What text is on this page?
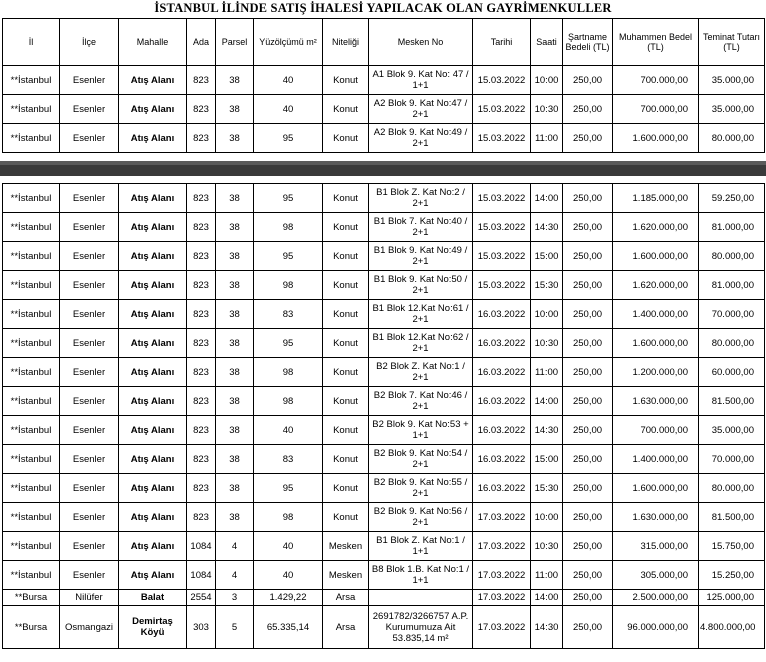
İSTANBUL İLİNDE SATIŞ İHALESİ YAPILACAK OLAN GAYRİMENKULLER
İl	İlçe	Mahalle	Ada	Parsel	Yüzölçümü m²	Niteliği	Mesken No	Tarihi	Saati	Şartname Bedeli (TL)	Muhammen Bedel (TL)	Teminat Tutarı (TL)
**İstanbul	Esenler	Atış Alanı	823	38	40	Konut	A1 Blok 9. Kat No: 47 / 1+1	15.03.2022	10:00	250,00	700.000,00	35.000,00
**İstanbul	Esenler	Atış Alanı	823	38	40	Konut	A2 Blok 9. Kat No:47 / 2+1	15.03.2022	10:30	250,00	700.000,00	35.000,00
**İstanbul	Esenler	Atış Alanı	823	38	95	Konut	A2 Blok 9. Kat No:49 / 2+1	15.03.2022	11:00	250,00	1.600.000,00	80.000,00
**İstanbul	Esenler	Atış Alanı	823	38	95	Konut	B1 Blok Z. Kat No:2 / 2+1	15.03.2022	14:00	250,00	1.185.000,00	59.250,00
**İstanbul	Esenler	Atış Alanı	823	38	98	Konut	B1 Blok 7. Kat No:40 / 2+1	15.03.2022	14:30	250,00	1.620.000,00	81.000,00
**İstanbul	Esenler	Atış Alanı	823	38	95	Konut	B1 Blok 9. Kat No:49 / 2+1	15.03.2022	15:00	250,00	1.600.000,00	80.000,00
**İstanbul	Esenler	Atış Alanı	823	38	98	Konut	B1 Blok 9. Kat No:50 / 2+1	15.03.2022	15:30	250,00	1.620.000,00	81.000,00
**İstanbul	Esenler	Atış Alanı	823	38	83	Konut	B1 Blok 12.Kat No:61 / 2+1	16.03.2022	10:00	250,00	1.400.000,00	70.000,00
**İstanbul	Esenler	Atış Alanı	823	38	95	Konut	B1 Blok 12.Kat No:62 / 2+1	16.03.2022	10:30	250,00	1.600.000,00	80.000,00
**İstanbul	Esenler	Atış Alanı	823	38	98	Konut	B2 Blok Z. Kat No:1 / 2+1	16.03.2022	11:00	250,00	1.200.000,00	60.000,00
**İstanbul	Esenler	Atış Alanı	823	38	98	Konut	B2 Blok 7. Kat No:46 / 2+1	16.03.2022	14:00	250,00	1.630.000,00	81.500,00
**İstanbul	Esenler	Atış Alanı	823	38	40	Konut	B2 Blok 9. Kat No:53 + 1+1	16.03.2022	14:30	250,00	700.000,00	35.000,00
**İstanbul	Esenler	Atış Alanı	823	38	83	Konut	B2 Blok 9. Kat No:54 / 2+1	16.03.2022	15:00	250,00	1.400.000,00	70.000,00
**İstanbul	Esenler	Atış Alanı	823	38	95	Konut	B2 Blok 9. Kat No:55 / 2+1	16.03.2022	15:30	250,00	1.600.000,00	80.000,00
**İstanbul	Esenler	Atış Alanı	823	38	98	Konut	B2 Blok 9. Kat No:56 / 2+1	17.03.2022	10:00	250,00	1.630.000,00	81.500,00
**İstanbul	Esenler	Atış Alanı	1084	4	40	Mesken	B1 Blok Z. Kat No:1 / 1+1	17.03.2022	10:30	250,00	315.000,00	15.750,00
**İstanbul	Esenler	Atış Alanı	1084	4	40	Mesken	B8 Blok 1.B. Kat No:1 / 1+1	17.03.2022	11:00	250,00	305.000,00	15.250,00
**Bursa	Nilüfer	Balat	2554	3	1.429,22	Arsa		17.03.2022	14:00	250,00	2.500.000,00	125.000,00
**Bursa	Osmangazi	Demirtaş Köyü	303	5	65.335,14	Arsa	2691782/3266757 A.P. Kurumumuza Ait 53.835,14 m²	17.03.2022	14:30	250,00	96.000.000,00	4.800.000,00
